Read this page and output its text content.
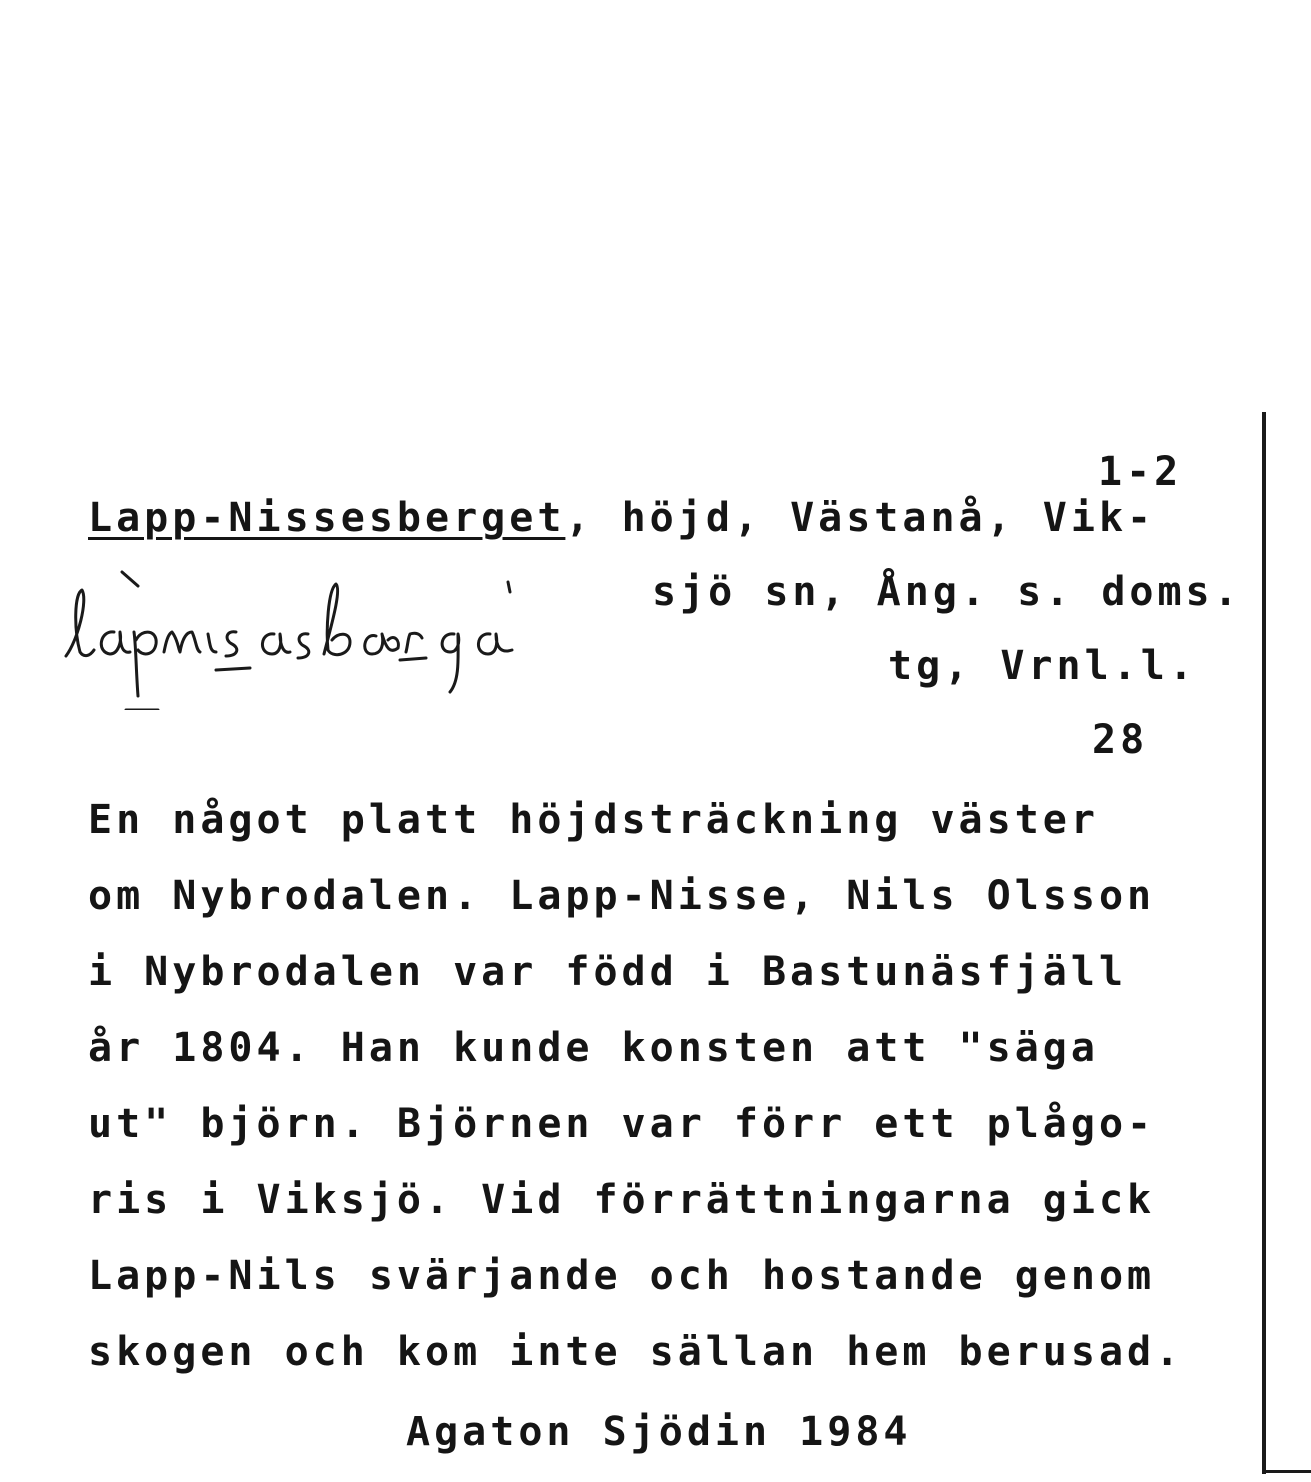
1-2
Lapp-Nissesberget, höjd, Västanå, Vik-
sjö sn, Ång. s. doms.
tg, Vrnl.l.
28
En något platt höjdsträckning väster
om Nybrodalen. Lapp-Nisse, Nils Olsson
i Nybrodalen var född i Bastunäsfjäll
år 1804. Han kunde konsten att "säga
ut" björn. Björnen var förr ett plågo-
ris i Viksjö. Vid förrättningarna gick
Lapp-Nils svärjande och hostande genom
skogen och kom inte sällan hem berusad.
Agaton Sjödin 1984
